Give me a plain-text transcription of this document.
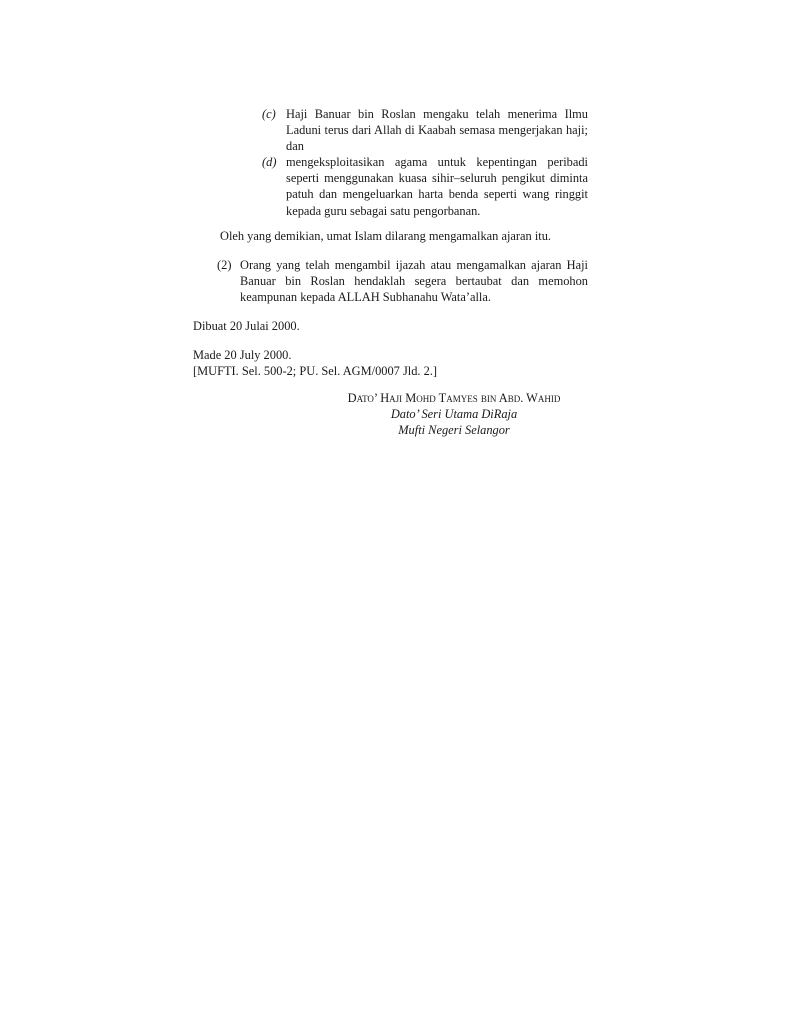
(c) Haji Banuar bin Roslan mengaku telah menerima Ilmu Laduni terus dari Allah di Kaabah semasa mengerjakan haji; dan
(d) mengeksploitasikan agama untuk kepentingan peribadi seperti menggunakan kuasa sihir–seluruh pengikut diminta patuh dan mengeluarkan harta benda seperti wang ringgit kepada guru sebagai satu pengorbanan.
Oleh yang demikian, umat Islam dilarang mengamalkan ajaran itu.
(2) Orang yang telah mengambil ijazah atau mengamalkan ajaran Haji Banuar bin Roslan hendaklah segera bertaubat dan memohon keampunan kepada ALLAH Subhanahu Wata’alla.
Dibuat 20 Julai 2000.
Made 20 July 2000.
[MUFTI. Sel. 500-2; PU. Sel. AGM/0007 Jld. 2.]
Dato’ Haji Mohd Tamyes bin Abd. Wahid
Dato’ Seri Utama DiRaja
Mufti Negeri Selangor
